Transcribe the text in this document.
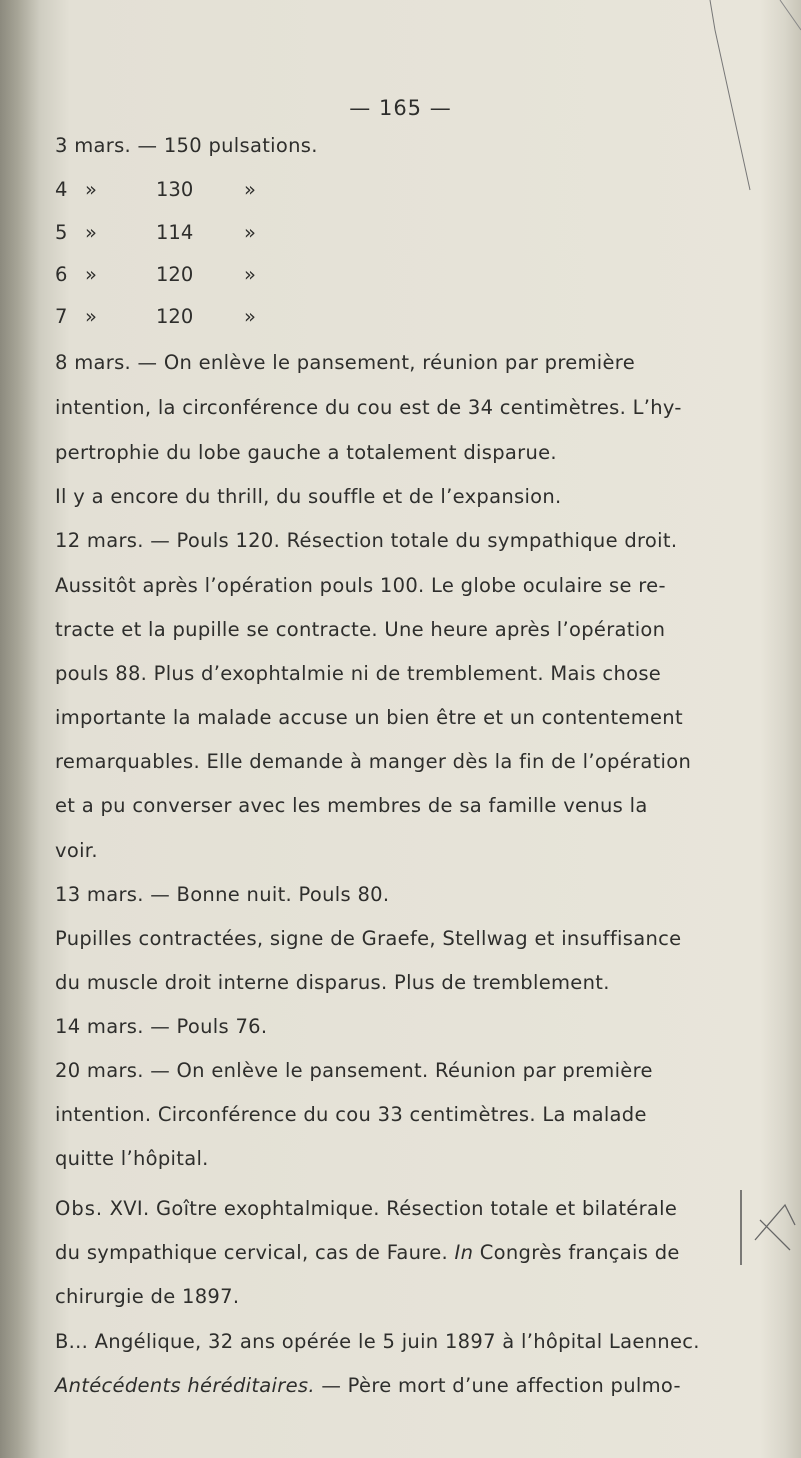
— 165 —
3 mars. — 150 pulsations.
4 »	130	»
5 »	114	»
6 »	120	»
7 »	120	»
8 mars. — On enlève le pansement, réunion par première
intention, la circonférence du cou est de 34 centimètres. L’hy-
pertrophie du lobe gauche a totalement disparue.
Il y a encore du thrill, du souffle et de l’expansion.
12 mars. — Pouls 120. Résection totale du sympathique droit.
Aussitôt après l’opération pouls 100. Le globe oculaire se re-
tracte et la pupille se contracte. Une heure après l’opération
pouls 88. Plus d’exophtalmie ni de tremblement. Mais chose
importante la malade accuse un bien être et un contentement
remarquables. Elle demande à manger dès la fin de l’opération
et a pu converser avec les membres de sa famille venus la
voir.
13 mars. — Bonne nuit. Pouls 80.
Pupilles contractées, signe de Graefe, Stellwag et insuffisance
du muscle droit interne disparus. Plus de tremblement.
14 mars. — Pouls 76.
20 mars. — On enlève le pansement. Réunion par première
intention. Circonférence du cou 33 centimètres. La malade
quitte l’hôpital.
Obs. XVI. Goître exophtalmique. Résection totale et bilatérale
du sympathique cervical, cas de Faure. In Congrès français de
chirurgie de 1897.
B... Angélique, 32 ans opérée le 5 juin 1897 à l’hôpital Laennec.
Antécédents héréditaires. — Père mort d’une affection pulmo-
